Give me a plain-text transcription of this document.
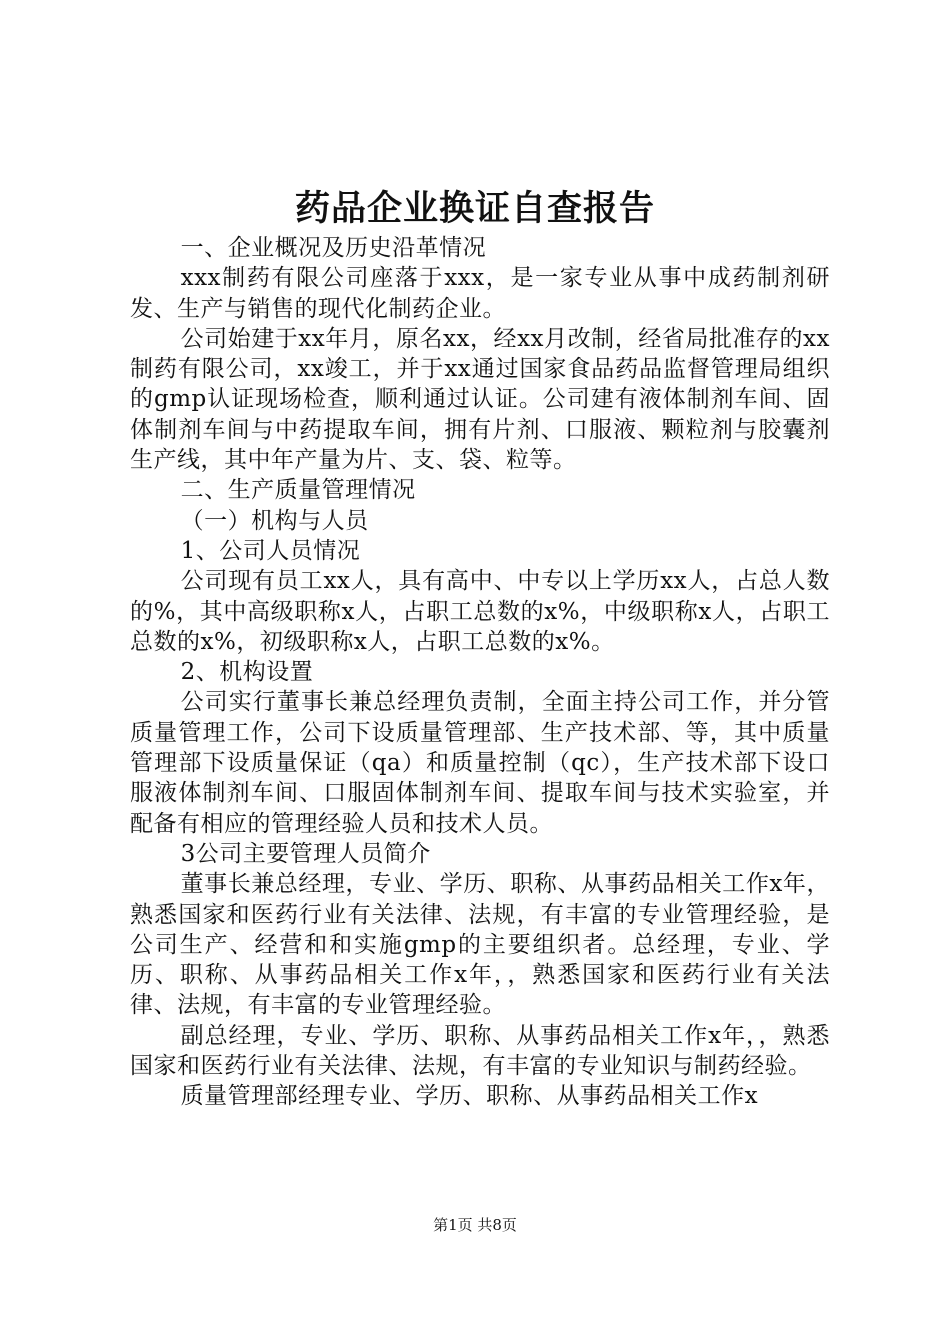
药品企业换证自查报告

一、企业概况及历史沿革情况

xxx制药有限公司座落于xxx，是一家专业从事中成药制剂研发、生产与销售的现代化制药企业。

公司始建于xx年月，原名xx，经xx月改制，经省局批准存的xx制药有限公司，xx竣工，并于xx通过国家食品药品监督管理局组织的gmp认证现场检查，顺利通过认证。公司建有液体制剂车间、固体制剂车间与中药提取车间，拥有片剂、口服液、颗粒剂与胶囊剂生产线，其中年产量为片、支、袋、粒等。

二、生产质量管理情况

（一）机构与人员

1、公司人员情况

公司现有员工xx人，具有高中、中专以上学历xx人，占总人数的%，其中高级职称x人，占职工总数的x%，中级职称x人，占职工总数的x%，初级职称x人，占职工总数的x%。

2、机构设置

公司实行董事长兼总经理负责制，全面主持公司工作，并分管质量管理工作，公司下设质量管理部、生产技术部、等，其中质量管理部下设质量保证（qa）和质量控制（qc），生产技术部下设口服液体制剂车间、口服固体制剂车间、提取车间与技术实验室，并配备有相应的管理经验人员和技术人员。

3公司主要管理人员简介

董事长兼总经理，专业、学历、职称、从事药品相关工作x年，熟悉国家和医药行业有关法律、法规，有丰富的专业管理经验，是公司生产、经营和和实施gmp的主要组织者。总经理，专业、学历、职称、从事药品相关工作x年，，熟悉国家和医药行业有关法律、法规，有丰富的专业管理经验。

副总经理，专业、学历、职称、从事药品相关工作x年，，熟悉国家和医药行业有关法律、法规，有丰富的专业知识与制药经验。

质量管理部经理专业、学历、职称、从事药品相关工作x

第1页 共8页
